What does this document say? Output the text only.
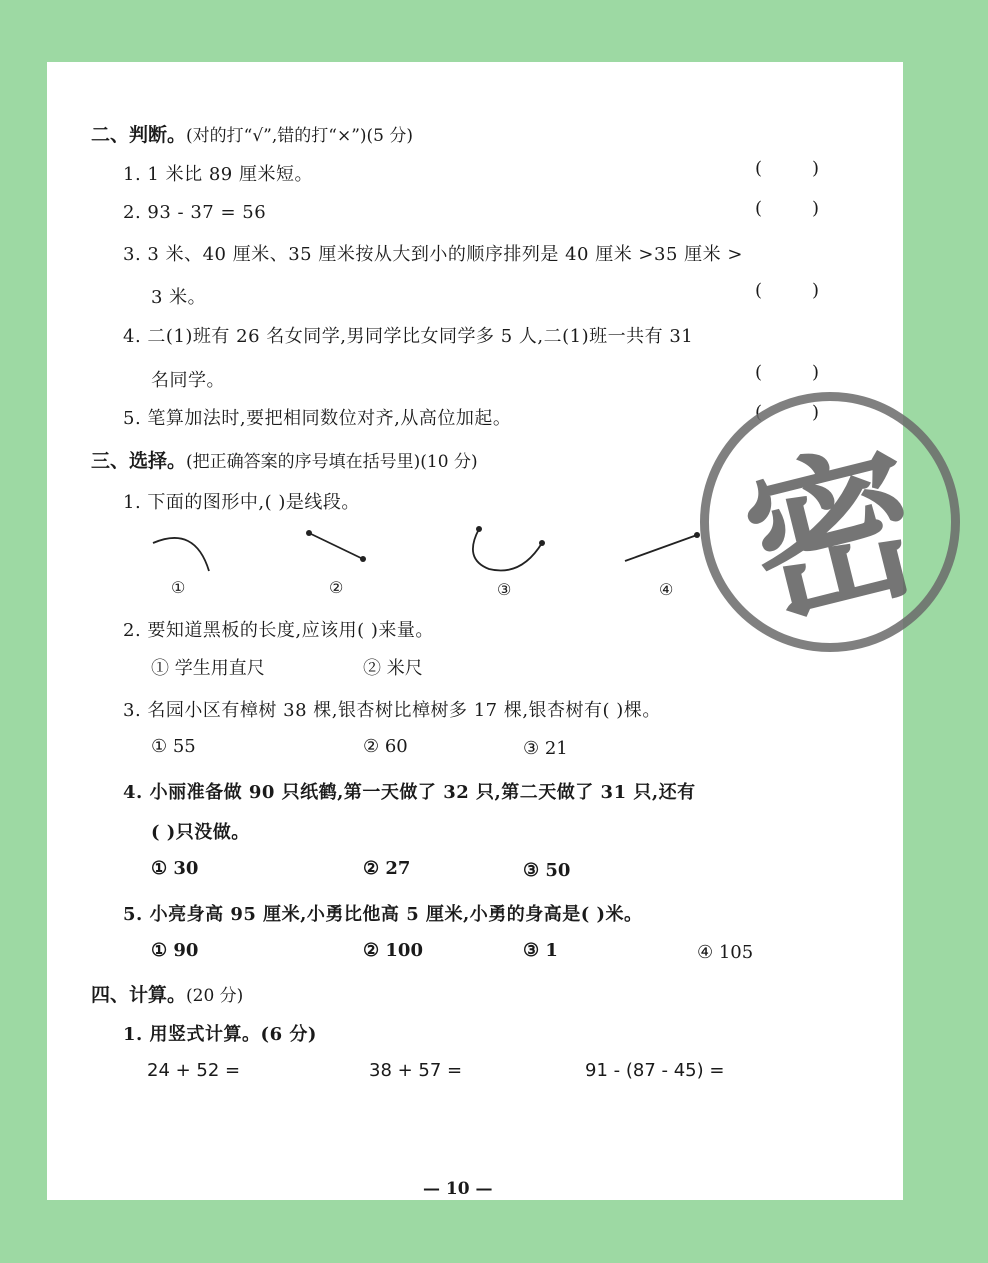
二、判断。(对的打“√”,错的打“×”)(5 分)
1. 1 米比 89 厘米短。	(	)
2. 93 - 37 = 56	(	)
3. 3 米、40 厘米、35 厘米按从大到小的顺序排列是 40 厘米 >35 厘米 >
3 米。	(	)
4. 二(1)班有 26 名女同学,男同学比女同学多 5 人,二(1)班一共有 31
名同学。	(	)
5. 笔算加法时,要把相同数位对齐,从高位加起。	(	)
密
三、选择。(把正确答案的序号填在括号里)(10 分)
1. 下面的图形中,( )是线段。
①	②	③	④
2. 要知道黑板的长度,应该用( )来量。
① 学生用直尺	② 米尺
3. 名园小区有樟树 38 棵,银杏树比樟树多 17 棵,银杏树有( )棵。
① 55	② 60	③ 21
4. 小丽准备做 90 只纸鹤,第一天做了 32 只,第二天做了 31 只,还有
( )只没做。
① 30	② 27	③ 50
5. 小亮身高 95 厘米,小勇比他高 5 厘米,小勇的身高是( )米。
① 90	② 100	③ 1	④ 105
四、计算。(20 分)
1. 用竖式计算。(6 分)
24 + 52 =	38 + 57 =	91 - (87 - 45) =
— 10 —
